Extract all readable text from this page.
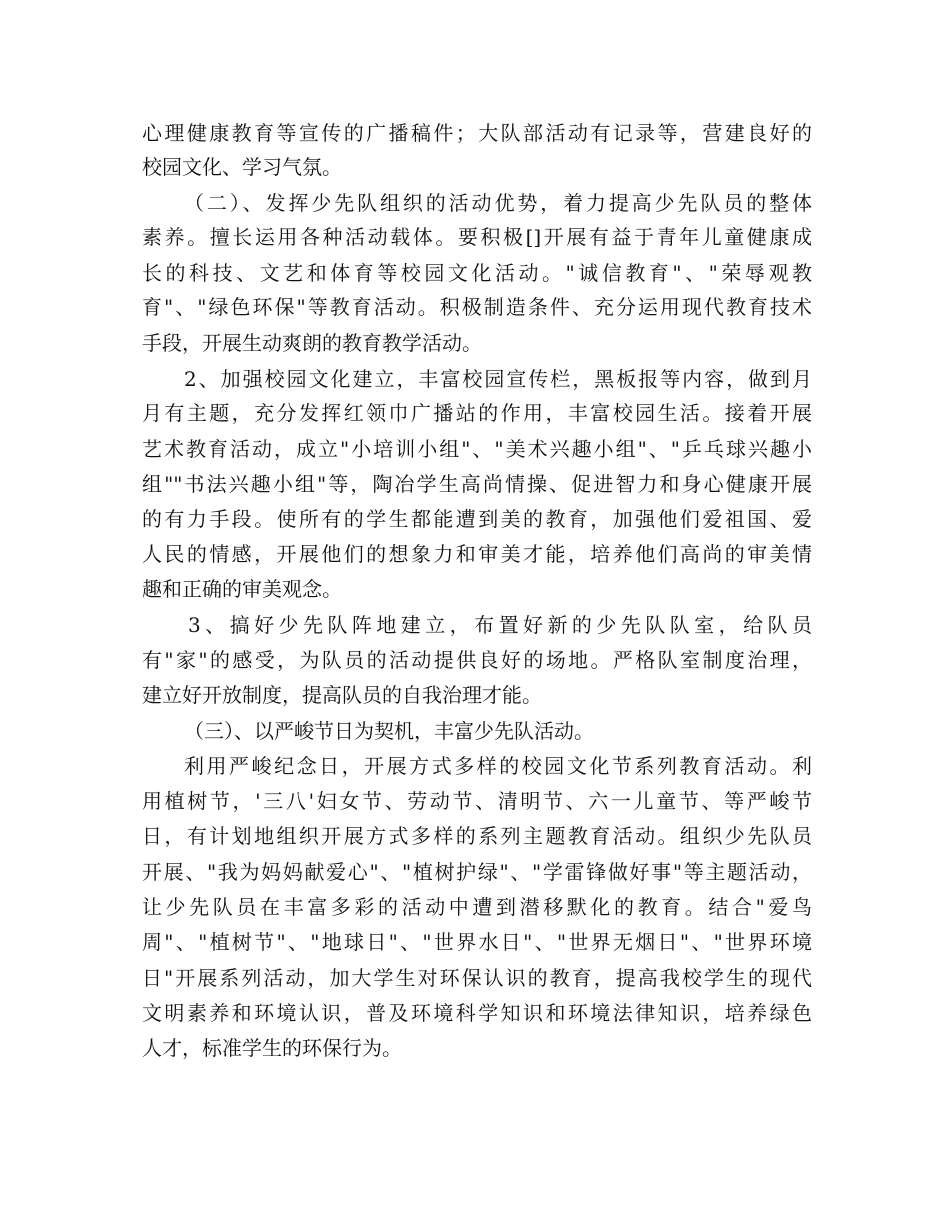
心理健康教育等宣传的广播稿件；大队部活动有记录等，营建良好的
校园文化、学习气氛。
（二）、发挥少先队组织的活动优势，着力提高少先队员的整体
素养。擅长运用各种活动载体。要积极[]开展有益于青年儿童健康成
长的科技、文艺和体育等校园文化活动。"诚信教育"、"荣辱观教
育"、"绿色环保"等教育活动。积极制造条件、充分运用现代教育技术
手段，开展生动爽朗的教育教学活动。
2、加强校园文化建立，丰富校园宣传栏，黑板报等内容，做到月
月有主题，充分发挥红领巾广播站的作用，丰富校园生活。接着开展
艺术教育活动，成立"小培训小组"、"美术兴趣小组"、"乒乓球兴趣小
组""书法兴趣小组"等，陶冶学生高尚情操、促进智力和身心健康开展
的有力手段。使所有的学生都能遭到美的教育，加强他们爱祖国、爱
人民的情感，开展他们的想象力和审美才能，培养他们高尚的审美情
趣和正确的审美观念。
3、搞好少先队阵地建立，布置好新的少先队队室，给队员
有"家"的感受，为队员的活动提供良好的场地。严格队室制度治理，
建立好开放制度，提高队员的自我治理才能。
（三）、以严峻节日为契机，丰富少先队活动。
利用严峻纪念日，开展方式多样的校园文化节系列教育活动。利
用植树节，'三八'妇女节、劳动节、清明节、六一儿童节、等严峻节
日，有计划地组织开展方式多样的系列主题教育活动。组织少先队员
开展、"我为妈妈献爱心"、"植树护绿"、"学雷锋做好事"等主题活动，
让少先队员在丰富多彩的活动中遭到潜移默化的教育。结合"爱鸟
周"、"植树节"、"地球日"、"世界水日"、"世界无烟日"、"世界环境
日"开展系列活动，加大学生对环保认识的教育，提高我校学生的现代
文明素养和环境认识，普及环境科学知识和环境法律知识，培养绿色
人才，标准学生的环保行为。
